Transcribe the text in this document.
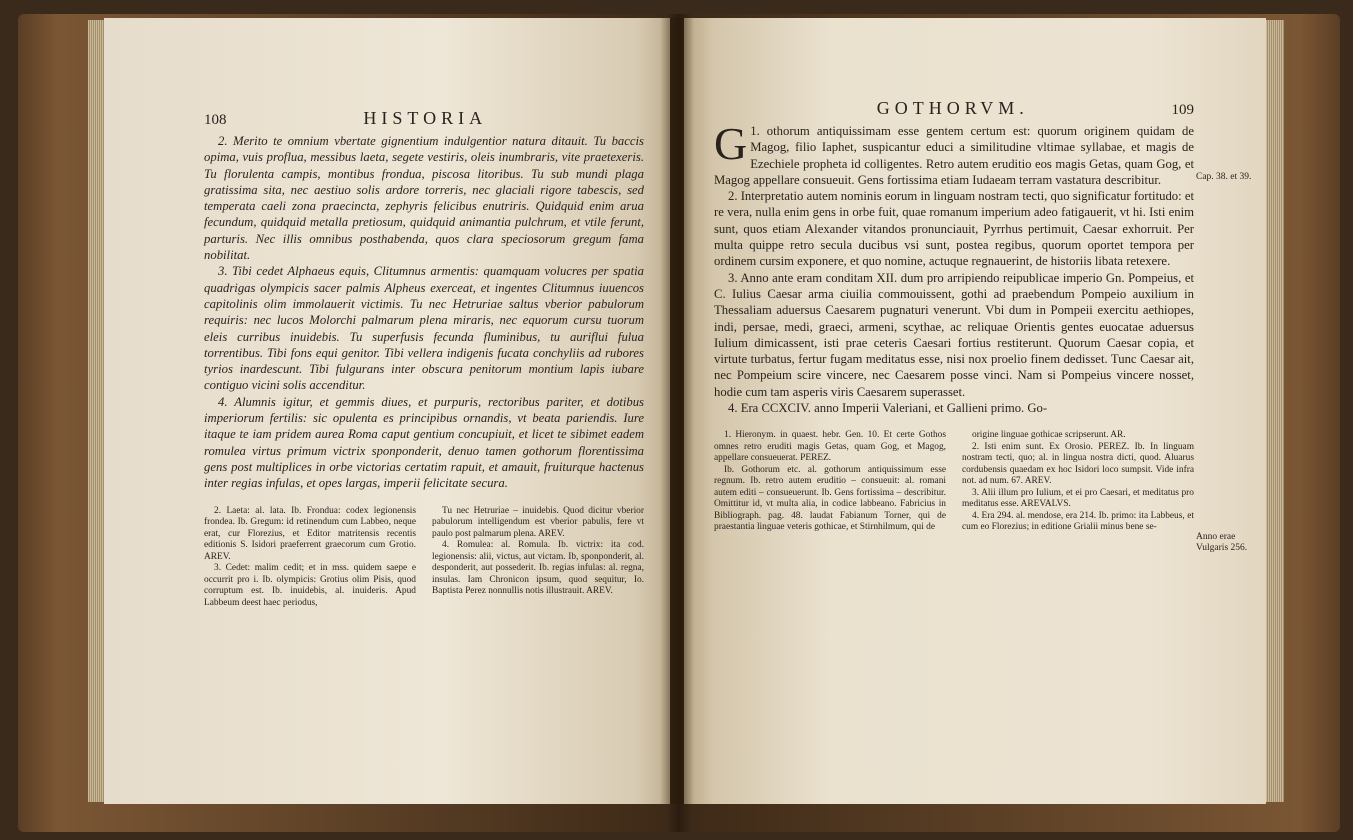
108	HISTORIA

2. Merito te omnium vbertate gignentium indulgentior natura ditauit. Tu baccis opima, vuis proflua, messibus laeta, segete vestiris, oleis inumbraris, vite praetexeris. Tu florulenta campis, montibus frondua, piscosa litoribus. Tu sub mundi plaga gratissima sita, nec aestiuo solis ardore torreris, nec glaciali rigore tabescis, sed temperata caeli zona praecincta, zephyris felicibus enutriris. Quidquid enim arua fecundum, quidquid metalla pretiosum, quidquid animantia pulchrum, et vtile ferunt, parturis. Nec illis omnibus posthabenda, quos clara speciosorum gregum fama nobilitat.

3. Tibi cedet Alphaeus equis, Clitumnus armentis: quamquam volucres per spatia quadrigas olympicis sacer palmis Alpheus exerceat, et ingentes Clitumnus iuuencos capitolinis olim immolauerit victimis. Tu nec Hetruriae saltus vberior pabulorum requiris: nec lucos Molorchi palmarum plena miraris, nec equorum cursu tuorum eleis curribus inuidebis. Tu superfusis fecunda fluminibus, tu auriflui fulua torrentibus. Tibi fons equi genitor. Tibi vellera indigenis fucata conchyliis ad rubores tyrios inardescunt. Tibi fulgurans inter obscura penitorum montium lapis iubare contiguo vicini solis accenditur.

4. Alumnis igitur, et gemmis diues, et purpuris, rectoribus pariter, et dotibus imperiorum fertilis: sic opulenta es principibus ornandis, vt beata pariendis. Iure itaque te iam pridem aurea Roma caput gentium concupiuit, et licet te sibimet eadem romulea virtus primum victrix sponponderit, denuo tamen gothorum florentissima gens post multiplices in orbe victorias certatim rapuit, et amauit, fruiturque hactenus inter regias infulas, et opes largas, imperii felicitate secura.

2. Laeta: al. lata. Ib. Frondua: codex legionensis frondea. Ib. Gregum: id retinendum cum Labbeo, neque erat, cur Florezius, et Editor matritensis recentis editionis S. Isidori praeferrent graecorum cum Grotio. AREV.

3. Cedet: malim cedit; et in mss. quidem saepe e occurrit pro i. Ib. olympicis: Grotius olim Pisis, quod corruptum est. Ib. inuidebis, al. inuideris. Apud Labbeum deest haec periodus,

Tu nec Hetruriae – inuidebis. Quod dicitur vberior pabulorum intelligendum est vberior pabulis, fere vt paulo post palmarum plena. AREV.

4. Romulea: al. Romula. Ib. victrix: ita cod. legionensis: alii, victus, aut victam. Ib, sponponderit, al. desponderit, aut possederit. Ib. regias infulas: al. regna, insulas. Iam Chronicon ipsum, quod sequitur, Io. Baptista Perez nonnullis notis illustrauit. AREV.

GOTHORVM.	109

G 1. othorum antiquissimam esse gentem certum est: quorum originem quidam de Magog, filio Iaphet, suspicantur educi a similitudine vltimae syllabae, et magis de Ezechiele propheta id colligentes. Retro autem eruditio eos magis Getas, quam Gog, et Magog appellare consueuit. Gens fortissima etiam Iudaeam terram vastatura describitur.

2. Interpretatio autem nominis eorum in linguam nostram tecti, quo significatur fortitudo: et re vera, nulla enim gens in orbe fuit, quae romanum imperium adeo fatigauerit, vt hi. Isti enim sunt, quos etiam Alexander vitandos pronunciauit, Pyrrhus pertimuit, Caesar exhorruit. Per multa quippe retro secula ducibus vsi sunt, postea regibus, quorum oportet tempora per ordinem cursim exponere, et quo nomine, actuque regnauerint, de historiis libata retexere.

3. Anno ante eram conditam XII. dum pro arripiendo reipublicae imperio Gn. Pompeius, et C. Iulius Caesar arma ciuilia commouissent, gothi ad praebendum Pompeio auxilium in Thessaliam aduersus Caesarem pugnaturi venerunt. Vbi dum in Pompeii exercitu aethiopes, indi, persae, medi, graeci, armeni, scythae, ac reliquae Orientis gentes euocatae aduersus Iulium dimicassent, isti prae ceteris Caesari fortius restiterunt. Quorum Caesar copia, et virtute turbatus, fertur fugam meditatus esse, nisi nox proelio finem dedisset. Tunc Caesar ait, nec Pompeium scire vincere, nec Caesarem posse vinci. Nam si Pompeius vincere nosset, hodie cum tam asperis viris Caesarem superasset.

4. Era CCXCIV. anno Imperii Valeriani, et Gallieni primo. Go-

1. Hieronym. in quaest. hebr. Gen. 10. Et certe Gothos omnes retro eruditi magis Getas, quam Gog, et Magog, appellare consueuerat. PEREZ.

Ib. Gothorum etc. al. gothorum antiquissimum esse regnum. Ib. retro autem eruditio – consueuit: al. romani autem editi – consueuerunt. Ib. Gens fortissima – describitur. Omittitur id, vt multa alia, in codice labbeano. Fabricius in Bibliograph. pag. 48. laudat Fabianum Torner, qui de praestantia linguae veteris gothicae, et Stirnhilmum, qui de

origine linguae gothicae scripserunt. AR.

2. Isti enim sunt. Ex Orosio. PEREZ. Ib. In linguam nostram tecti, quo; al. in lingua nostra dicti, quod. Aluarus cordubensis quaedam ex hoc Isidori loco sumpsit. Vide infra not. ad num. 67. AREV.

3. Alii illum pro Iulium, et ei pro Caesari, et meditatus pro meditatus esse. AREVALVS.

4. Era 294. al. mendose, era 214. Ib. primo: ita Labbeus, et cum eo Florezius; in editione Grialii minus bene se-

Cap. 38. et 39.
Anno erae Vulgaris 256.
